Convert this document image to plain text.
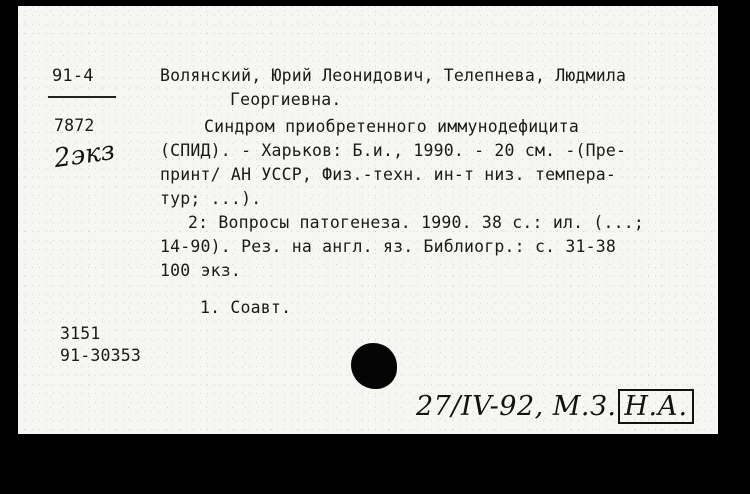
91-4
7872
2экз
3151
91-30353
Волянский, Юрий Леонидович, Телепнева, Людмила
Георгиевна.
Синдром приобретенного иммунодефицита
(СПИД). - Харьков: Б.и., 1990. - 20 см. -(Пре-
принт/ АН УССР, Физ.-техн. ин-т низ. темпера-
тур; ...).
2: Вопросы патогенеза. 1990. 38 с.: ил. (...;
14-90). Рез. на англ. яз. Библиогр.: с. 31-38
100 экз.
1. Соавт.
27/IV-92, М.З. Н.А.
